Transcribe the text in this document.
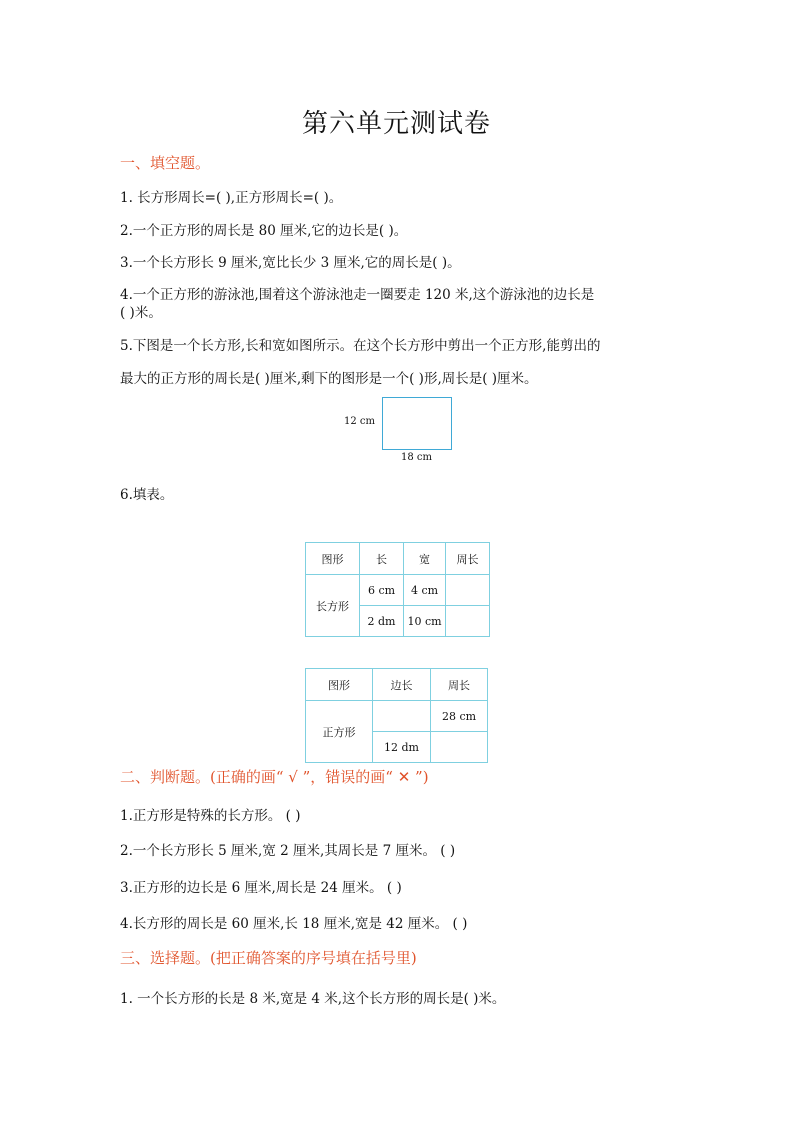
第六单元测试卷
一、填空题。
1. 长方形周长=( ),正方形周长=( )。
2.一个正方形的周长是 80 厘米,它的边长是( )。
3.一个长方形长 9 厘米,宽比长少 3 厘米,它的周长是( )。
4.一个正方形的游泳池,围着这个游泳池走一圈要走 120 米,这个游泳池的边长是
( )米。
5.下图是一个长方形,长和宽如图所示。在这个长方形中剪出一个正方形,能剪出的
最大的正方形的周长是( )厘米,剩下的图形是一个( )形,周长是( )厘米。
12 cm
18 cm
6.填表。
图形	长	宽	周长
长方形	6 cm	4 cm	
	2 dm	10 cm	
图形	边长	周长
正方形		28 cm
	12 dm	
二、判断题。(正确的画“ √ ”，错误的画“ ✕ ”)
1.正方形是特殊的长方形。 ( )
2.一个长方形长 5 厘米,宽 2 厘米,其周长是 7 厘米。 ( )
3.正方形的边长是 6 厘米,周长是 24 厘米。 ( )
4.长方形的周长是 60 厘米,长 18 厘米,宽是 42 厘米。 ( )
三、选择题。(把正确答案的序号填在括号里)
1. 一个长方形的长是 8 米,宽是 4 米,这个长方形的周长是( )米。
